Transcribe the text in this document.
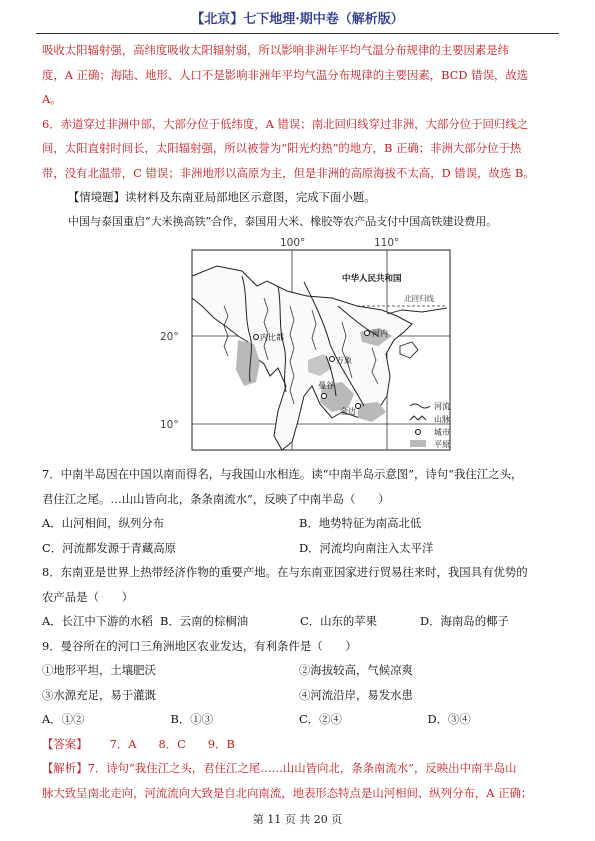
【北京】七下地理·期中卷（解析版）

吸收太阳辐射强，高纬度吸收太阳辐射弱，所以影响非洲年平均气温分布规律的主要因素是纬

度，A 正确；海陆、地形、人口不是影响非洲年平均气温分布规律的主要因素，BCD 错误，故选

A。

6．赤道穿过非洲中部，大部分位于低纬度，A 错误；南北回归线穿过非洲，大部分位于回归线之

间，太阳直射时间长，太阳辐射强，所以被誉为“阳光灼热”的地方，B 正确；非洲大部分位于热

带，没有北温带，C 错误；非洲地形以高原为主，但是非洲的高原海拔不太高，D 错误，故选 B。

【情境题】读材料及东南亚局部地区示意图，完成下面小题。

中国与泰国重启“大米换高铁”合作，泰国用大米、橡胶等农产品支付中国高铁建设费用。

100°	110°
20°
10°
北回归线
中华人民共和国
内比都	河内
万象
曼谷
金边
河流
山脉
城市
平原

7．中南半岛因在中国以南而得名，与我国山水相连。读“中南半岛示意图”，诗句“我住江之头，

君住江之尾。…山山皆向北，条条南流水”，反映了中南半岛（　　）

A．山河相间，纵列分布	B．地势特征为南高北低
C．河流都发源于青藏高原	D．河流均向南注入太平洋

8．东南亚是世界上热带经济作物的重要产地。在与东南亚国家进行贸易往来时，我国具有优势的

农产品是（　　）

A．长江中下游的水稻 B．云南的棕榈油	C．山东的苹果	D．海南岛的椰子

9．曼谷所在的河口三角洲地区农业发达，有利条件是（　　）

①地形平坦，土壤肥沃	②海拔较高，气候凉爽
③水源充足，易于灌溉	④河流沿岸，易发水患
A．①②	B．①③	C．②④	D．③④
【答案】 7．A 8．C 9．B

【解析】7．诗句“我住江之头，君住江之尾……山山皆向北，条条南流水”，反映出中南半岛山

脉大致呈南北走向，河流流向大致是自北向南流，地表形态特点是山河相间、纵列分布，A 正确；

第 11 页 共 20 页
